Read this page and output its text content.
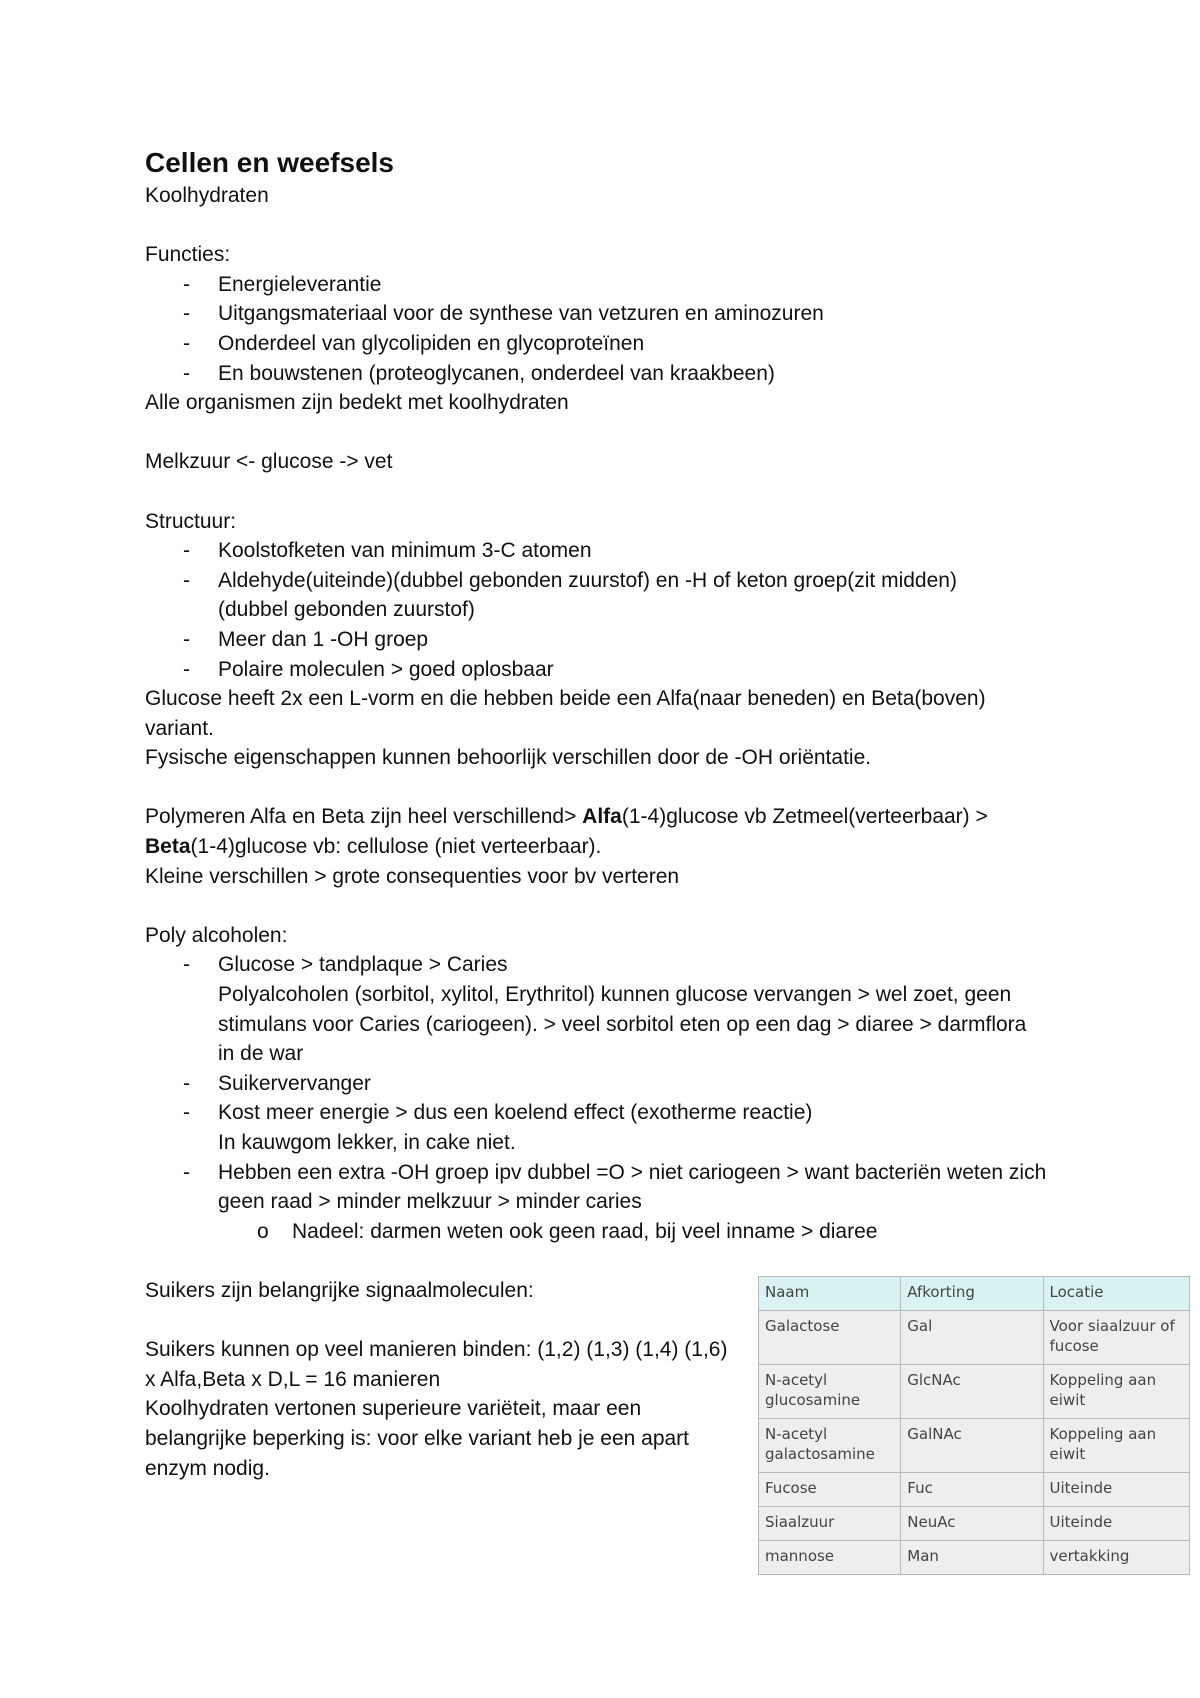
Cellen en weefsels

Koolhydraten

Functies:

- Energieleverantie
- Uitgangsmateriaal voor de synthese van vetzuren en aminozuren
- Onderdeel van glycolipiden en glycoproteïnen
- En bouwstenen (proteoglycanen, onderdeel van kraakbeen)

Alle organismen zijn bedekt met koolhydraten

Melkzuur <- glucose -> vet

Structuur:

- Koolstofketen van minimum 3-C atomen
- Aldehyde(uiteinde)(dubbel gebonden zuurstof) en -H of keton groep(zit midden) (dubbel gebonden zuurstof)
- Meer dan 1 -OH groep
- Polaire moleculen > goed oplosbaar

Glucose heeft 2x een L-vorm en die hebben beide een Alfa(naar beneden) en Beta(boven) variant.

Fysische eigenschappen kunnen behoorlijk verschillen door de -OH oriëntatie.

Polymeren Alfa en Beta zijn heel verschillend> Alfa(1-4)glucose vb Zetmeel(verteerbaar) > Beta(1-4)glucose vb: cellulose (niet verteerbaar).

Kleine verschillen > grote consequenties voor bv verteren

Poly alcoholen:

- Glucose > tandplaque > Caries
Polyalcoholen (sorbitol, xylitol, Erythritol) kunnen glucose vervangen > wel zoet, geen stimulans voor Caries (cariogeen). > veel sorbitol eten op een dag > diaree > darmflora in de war
- Suikervervanger
- Kost meer energie > dus een koelend effect (exotherme reactie)
In kauwgom lekker, in cake niet.
- Hebben een extra -OH groep ipv dubbel =O > niet cariogeen > want bacteriën weten zich geen raad > minder melkzuur > minder caries
o Nadeel: darmen weten ook geen raad, bij veel inname > diaree

Suikers zijn belangrijke signaalmoleculen:

Suikers kunnen op veel manieren binden: (1,2) (1,3) (1,4) (1,6) x Alfa,Beta x D,L = 16 manieren

Koolhydraten vertonen superieure variëteit, maar een belangrijke beperking is: voor elke variant heb je een apart enzym nodig.

Naam	Afkorting	Locatie
Galactose	Gal	Voor siaalzuur of fucose
N-acetyl glucosamine	GlcNAc	Koppeling aan eiwit
N-acetyl galactosamine	GalNAc	Koppeling aan eiwit
Fucose	Fuc	Uiteinde
Siaalzuur	NeuAc	Uiteinde
mannose	Man	vertakking
